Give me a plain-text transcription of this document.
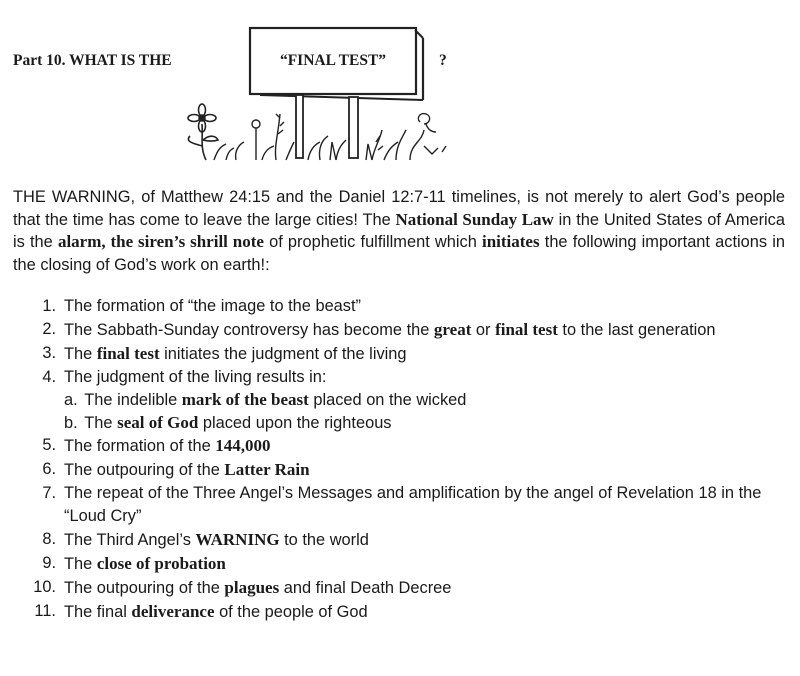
Part 10. WHAT IS THE	“FINAL TEST”	?

THE WARNING, of Matthew 24:15 and the Daniel 12:7-11 timelines, is not merely to alert God’s people that the time has come to leave the large cities! The National Sunday Law in the United States of America is the alarm, the siren’s shrill note of prophetic fulfillment which initiates the following important actions in the closing of God’s work on earth!:

1. The formation of “the image to the beast”
2. The Sabbath-Sunday controversy has become the great or final test to the last generation
3. The final test initiates the judgment of the living
4. The judgment of the living results in:
a. The indelible mark of the beast placed on the wicked
b. The seal of God placed upon the righteous
5. The formation of the 144,000
6. The outpouring of the Latter Rain
7. The repeat of the Three Angel’s Messages and amplification by the angel of Revelation 18 in the “Loud Cry”
8. The Third Angel’s WARNING to the world
9. The close of probation
10. The outpouring of the plagues and final Death Decree
11. The final deliverance of the people of God
